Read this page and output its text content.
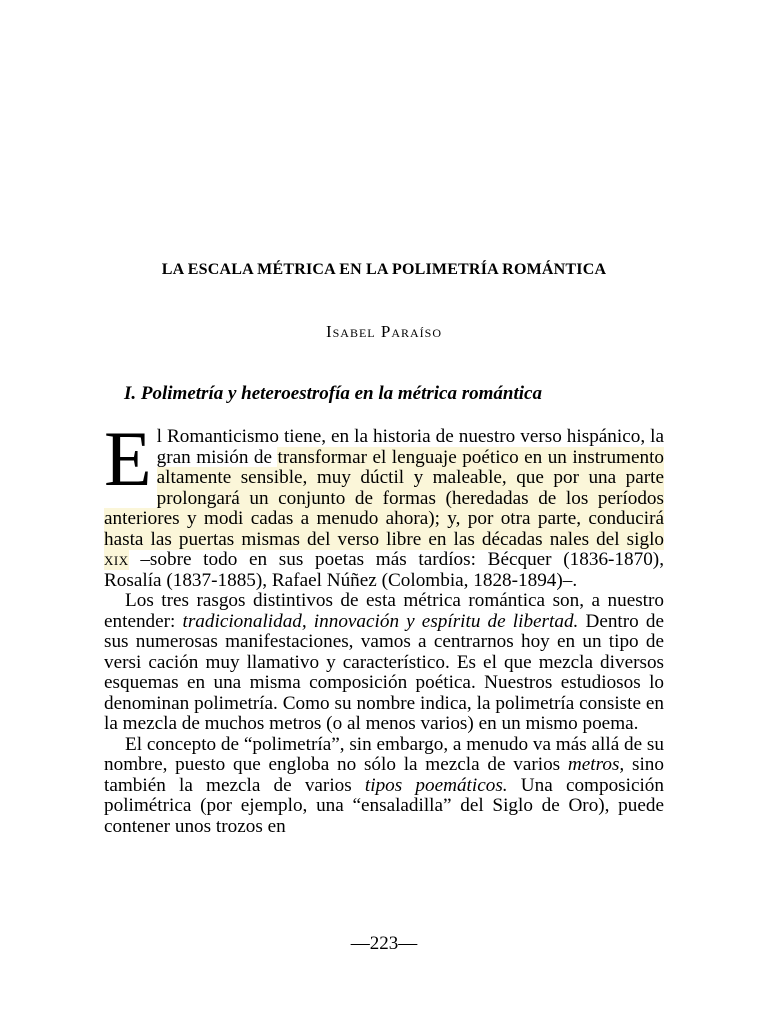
LA ESCALA MÉTRICA EN LA POLIMETRÍA ROMÁNTICA

Isabel Paraíso

I. Polimetría y heteroestrofía en la métrica romántica

El Romanticismo tiene, en la historia de nuestro verso hispánico, la gran misión de transformar el lenguaje poético en un instrumento altamente sensible, muy dúctil y maleable, que por una parte prolongará un conjunto de formas (heredadas de los períodos anteriores y modi cadas a menudo ahora); y, por otra parte, conducirá hasta las puertas mismas del verso libre en las décadas nales del siglo xix –sobre todo en sus poetas más tardíos: Bécquer (1836-1870), Rosalía (1837-1885), Rafael Núñez (Colombia, 1828-1894)–.

Los tres rasgos distintivos de esta métrica romántica son, a nuestro entender: tradicionalidad, innovación y espíritu de libertad. Dentro de sus numerosas manifestaciones, vamos a centrarnos hoy en un tipo de versi cación muy llamativo y característico. Es el que mezcla diversos esquemas en una misma composición poética. Nuestros estudiosos lo denominan polimetría. Como su nombre indica, la polimetría consiste en la mezcla de muchos metros (o al menos varios) en un mismo poema.

El concepto de “polimetría”, sin embargo, a menudo va más allá de su nombre, puesto que engloba no sólo la mezcla de varios metros, sino también la mezcla de varios tipos poemáticos. Una composición polimétrica (por ejemplo, una “ensaladilla” del Siglo de Oro), puede contener unos trozos en

—223—
